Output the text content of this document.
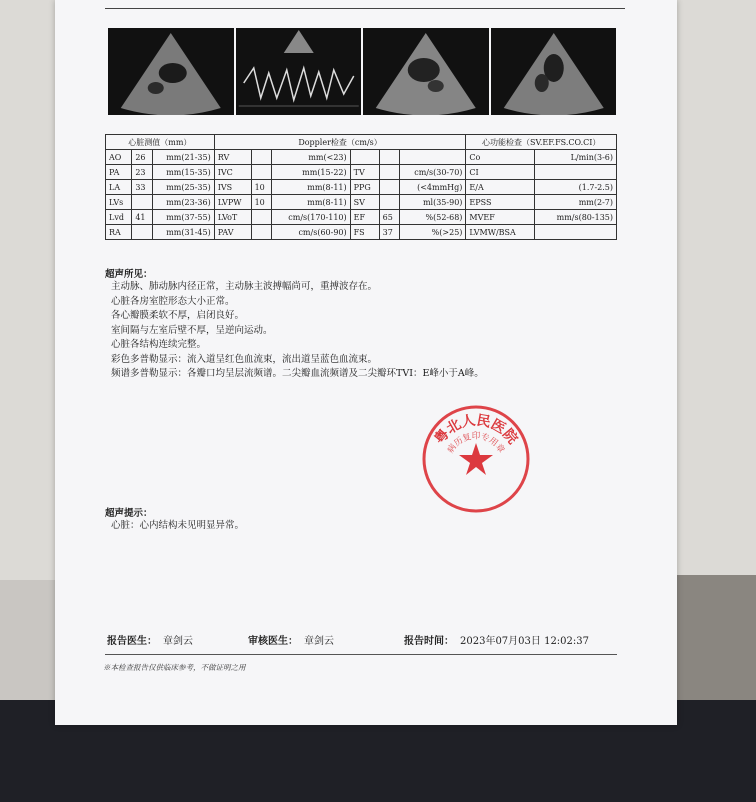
心脏测值（mm）			Doppler检查（cm/s）						心功能检查（SV.EF.FS.CO.CI）	
AO	26	mm(21-35)	RV		mm(<23)				Co	L/min(3-6)
PA	23	mm(15-35)	IVC		mm(15-22)	TV		cm/s(30-70)	CI	
LA	33	mm(25-35)	IVS	10	mm(8-11)	PPG		(<4mmHg)	E/A	(1.7-2.5)
LVs		mm(23-36)	LVPW	10	mm(8-11)	SV		ml(35-90)	EPSS	mm(2-7)
Lvd	41	mm(37-55)	LVoT		cm/s(170-110)	EF	65	%(52-68)	MVEF	mm/s(80-135)
RA		mm(31-45)	PAV		cm/s(60-90)	FS	37	%(>25)	LVMW/BSA	
超声所见：
主动脉、肺动脉内径正常，主动脉主波搏幅尚可，重搏波存在。
心脏各房室腔形态大小正常。
各心瓣膜柔软不厚，启闭良好。
室间隔与左室后壁不厚，呈逆向运动。
心脏各结构连续完整。
彩色多普勒显示：流入道呈红色血流束，流出道呈蓝色血流束。
频谱多普勒显示：各瓣口均呈层流频谱。二尖瓣血流频谱及二尖瓣环TVI：E峰小于A峰。
粤北人民医院
病历复印专用章
超声提示：
心脏：心内结构未见明显异常。
报告医生： 章剑云	审核医生： 章剑云	报告时间： 2023年07月03日 12:02:37
※本检查报告仅供临床参考，不做证明之用
